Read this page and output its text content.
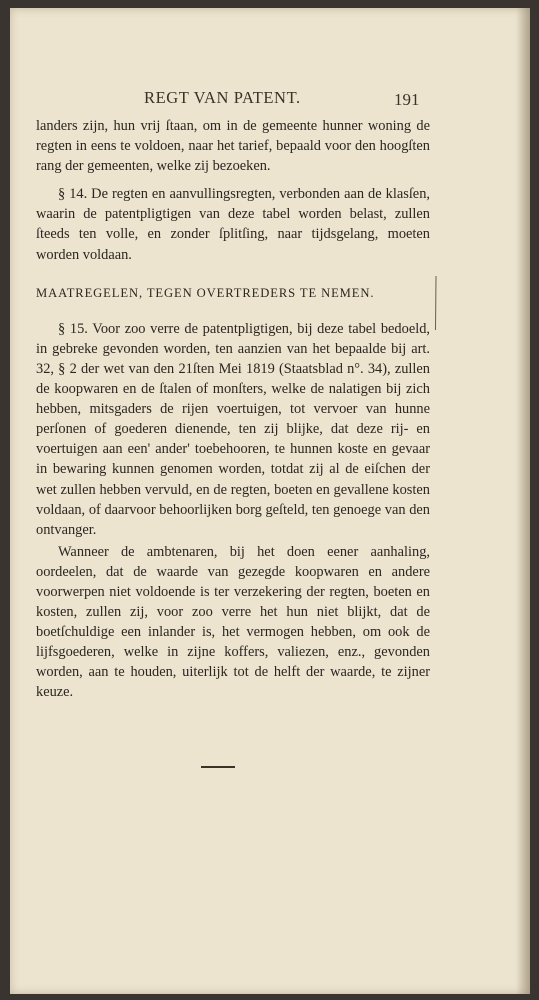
REGT VAN PATENT.	191

landers zijn, hun vrij ſtaan, om in de gemeente hunner woning de regten in eens te voldoen, naar het tarief, bepaald voor den hoogſten rang der gemeenten, welke zij bezoeken.

§ 14. De regten en aanvullingsregten, verbonden aan de klasſen, waarin de patentpligtigen van deze tabel worden belast, zullen ſteeds ten volle, en zonder ſplitſing, naar tijdsgelang, moeten worden voldaan.

MAATREGELEN, TEGEN OVERTREDERS TE NEMEN.

§ 15. Voor zoo verre de patentpligtigen, bij deze tabel bedoeld, in gebreke gevonden worden, ten aanzien van het bepaalde bij art. 32, § 2 der wet van den 21ſten Mei 1819 (Staatsblad n°. 34), zullen de koopwaren en de ſtalen of monſters, welke de nalatigen bij zich hebben, mitsgaders de rijen voertuigen, tot vervoer van hunne perſonen of goederen dienende, ten zij blijke, dat deze rij- en voertuigen aan een' ander' toebehooren, te hunnen koste en gevaar in bewaring kunnen genomen worden, totdat zij al de eiſchen der wet zullen hebben vervuld, en de regten, boeten en gevallene kosten voldaan, of daarvoor behoorlijken borg geſteld, ten genoege van den ontvanger.

Wanneer de ambtenaren, bij het doen eener aanhaling, oordeelen, dat de waarde van gezegde koopwaren en andere voorwerpen niet voldoende is ter verzekering der regten, boeten en kosten, zullen zij, voor zoo verre het hun niet blijkt, dat de boetſchuldige een inlander is, het vermogen hebben, om ook de lijfsgoederen, welke in zijne koffers, valiezen, enz., gevonden worden, aan te houden, uiterlijk tot de helft der waarde, te zijner keuze.
